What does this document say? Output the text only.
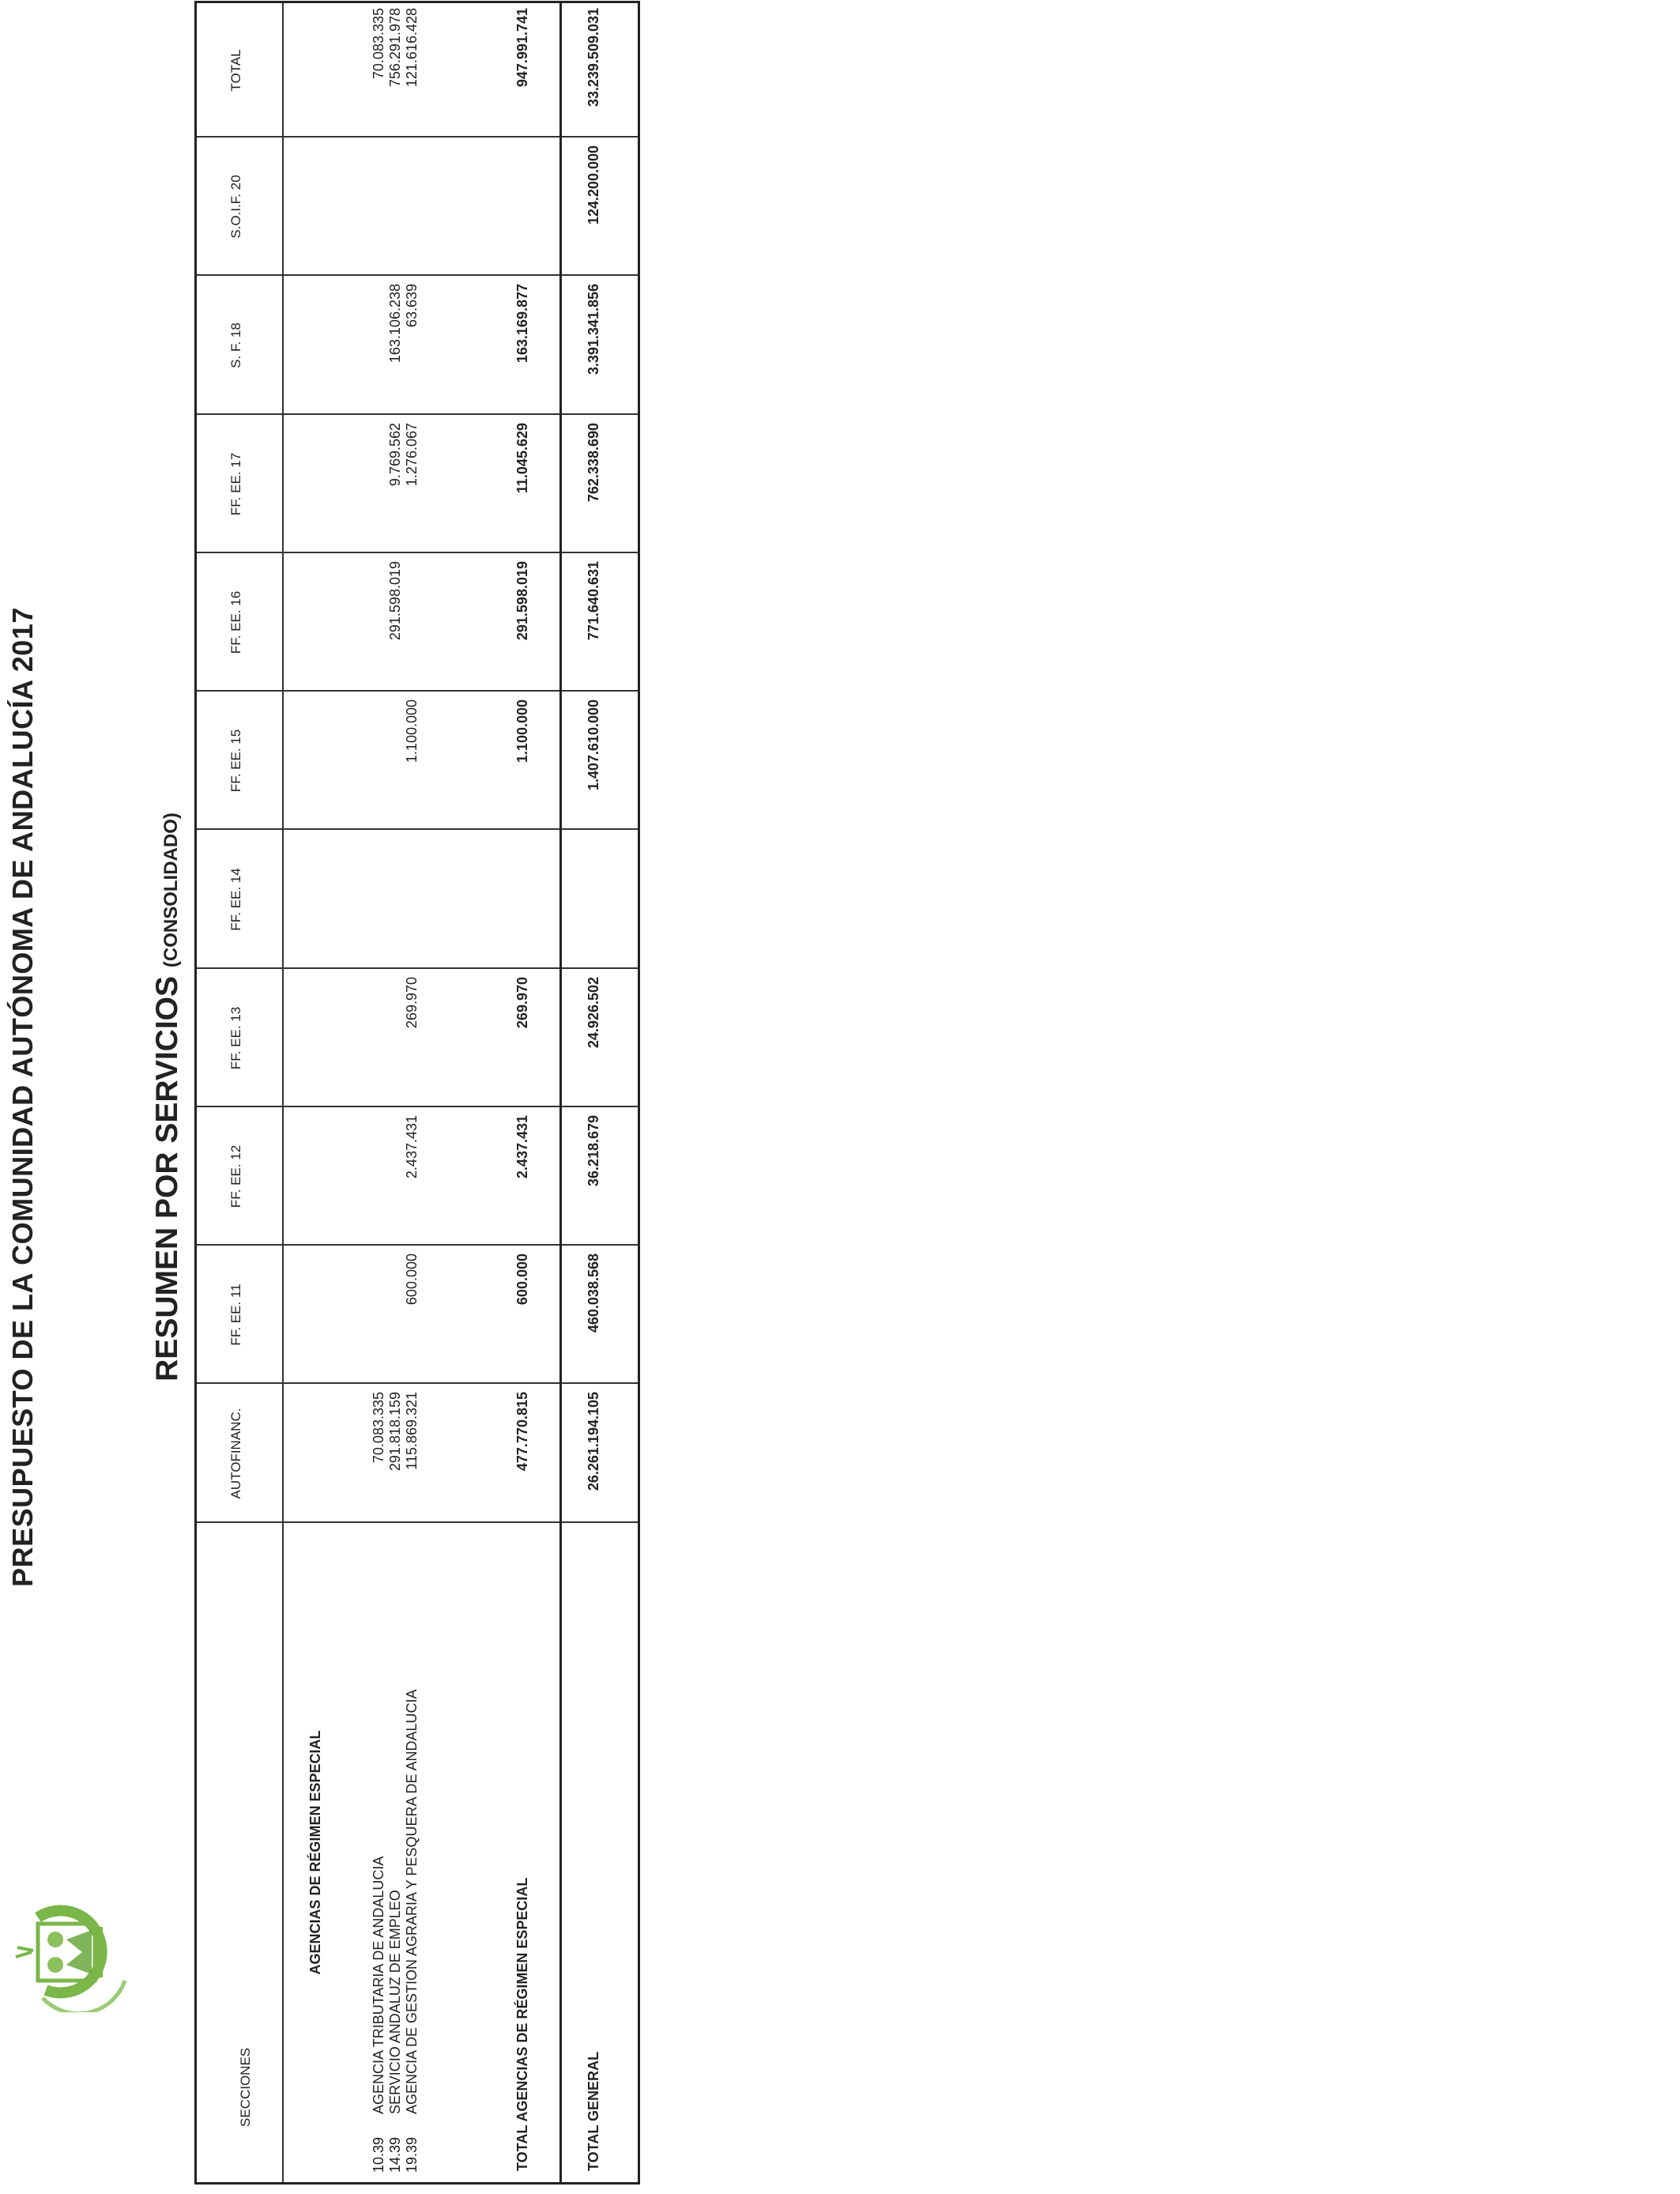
PRESUPUESTO DE LA COMUNIDAD AUTÓNOMA DE ANDALUCÍA 2017	RESUMEN POR SERVICIOS (CONSOLIDADO)
SECCIONES
AUTOFINANC.
FF. EE. 11
FF. EE. 12
FF. EE. 13
FF. EE. 14
FF. EE. 15
FF. EE. 16
FF. EE. 17
S. F. 18
S.O.I.F. 20
TOTAL
AGENCIAS DE RÉGIMEN ESPECIAL
10.39
AGENCIA TRIBUTARIA DE ANDALUCIA
70.083.335
70.083.335
14.39
SERVICIO ANDALUZ DE EMPLEO
291.818.159
291.598.019
9.769.562
163.106.238
756.291.978
19.39
AGENCIA DE GESTION AGRARIA Y PESQUERA DE ANDALUCIA
115.869.321
600.000
2.437.431
269.970
1.100.000
1.276.067
63.639
121.616.428
TOTAL AGENCIAS DE RÉGIMEN ESPECIAL
477.770.815
600.000
2.437.431
269.970
1.100.000
291.598.019
11.045.629
163.169.877
947.991.741
TOTAL GENERAL
26.261.194.105
460.038.568
36.218.679
24.926.502
1.407.610.000
771.640.631
762.338.690
3.391.341.856
124.200.000
33.239.509.031
